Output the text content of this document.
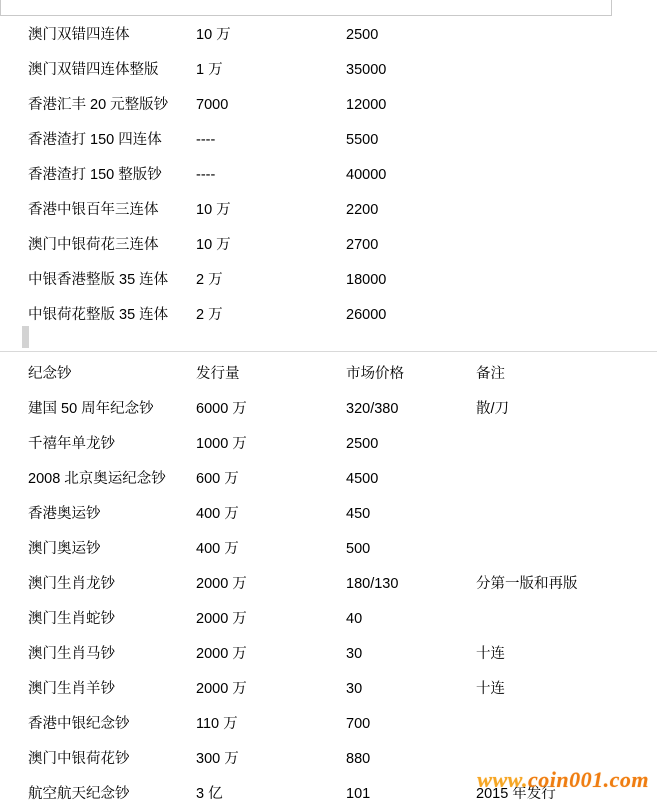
澳门双错四连体	10 万	2500
澳门双错四连体整版	1 万	35000
香港汇丰 20 元整版钞	7000	12000
香港渣打 150 四连体	----	5500
香港渣打 150 整版钞	----	40000
香港中银百年三连体	10 万	2200
澳门中银荷花三连体	10 万	2700
中银香港整版 35 连体	2 万	18000
中银荷花整版 35 连体	2 万	26000
纪念钞	发行量	市场价格	备注
建国 50 周年纪念钞	6000 万	320/380	散/刀
千禧年单龙钞	1000 万	2500
2008 北京奥运纪念钞	600 万	4500
香港奥运钞	400 万	450
澳门奥运钞	400 万	500
澳门生肖龙钞	2000 万	180/130	分第一版和再版
澳门生肖蛇钞	2000 万	40
澳门生肖马钞	2000 万	30	十连
澳门生肖羊钞	2000 万	30	十连
香港中银纪念钞	110 万	700
澳门中银荷花钞	300 万	880
航空航天纪念钞	3 亿	101	2015 年发行
www.coin001.com
